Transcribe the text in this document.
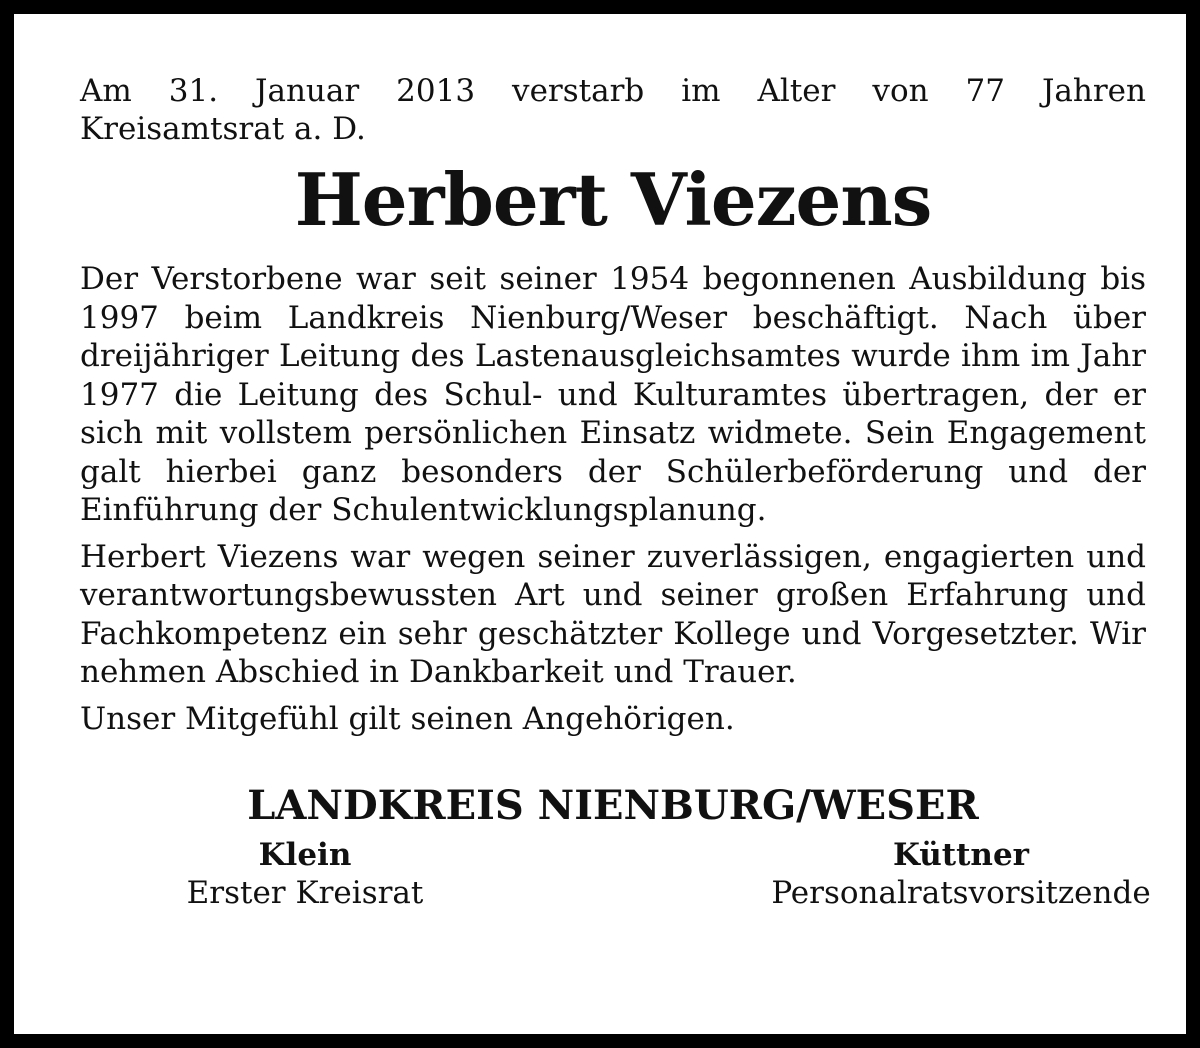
Am 31. Januar 2013 verstarb im Alter von 77 Jahren

Kreisamtsrat a. D.

Herbert Viezens

Der Verstorbene war seit seiner 1954 begonnenen Ausbildung bis 1997 beim Landkreis Nienburg/Weser beschäftigt. Nach über dreijähriger Leitung des Lastenausgleichsamtes wurde ihm im Jahr 1977 die Leitung des Schul- und Kulturamtes übertragen, der er sich mit vollstem persönlichen Einsatz widmete. Sein Engagement galt hierbei ganz besonders der Schülerbeförderung und der Einführung der Schulentwicklungsplanung.

Herbert Viezens war wegen seiner zuverlässigen, engagierten und verantwortungsbewussten Art und seiner großen Erfahrung und Fachkompetenz ein sehr geschätzter Kollege und Vorgesetzter. Wir nehmen Abschied in Dankbarkeit und Trauer.

Unser Mitgefühl gilt seinen Angehörigen.

LANDKREIS NIENBURG/WESER
Klein
Erster Kreisrat
Küttner
Personalratsvorsitzende
